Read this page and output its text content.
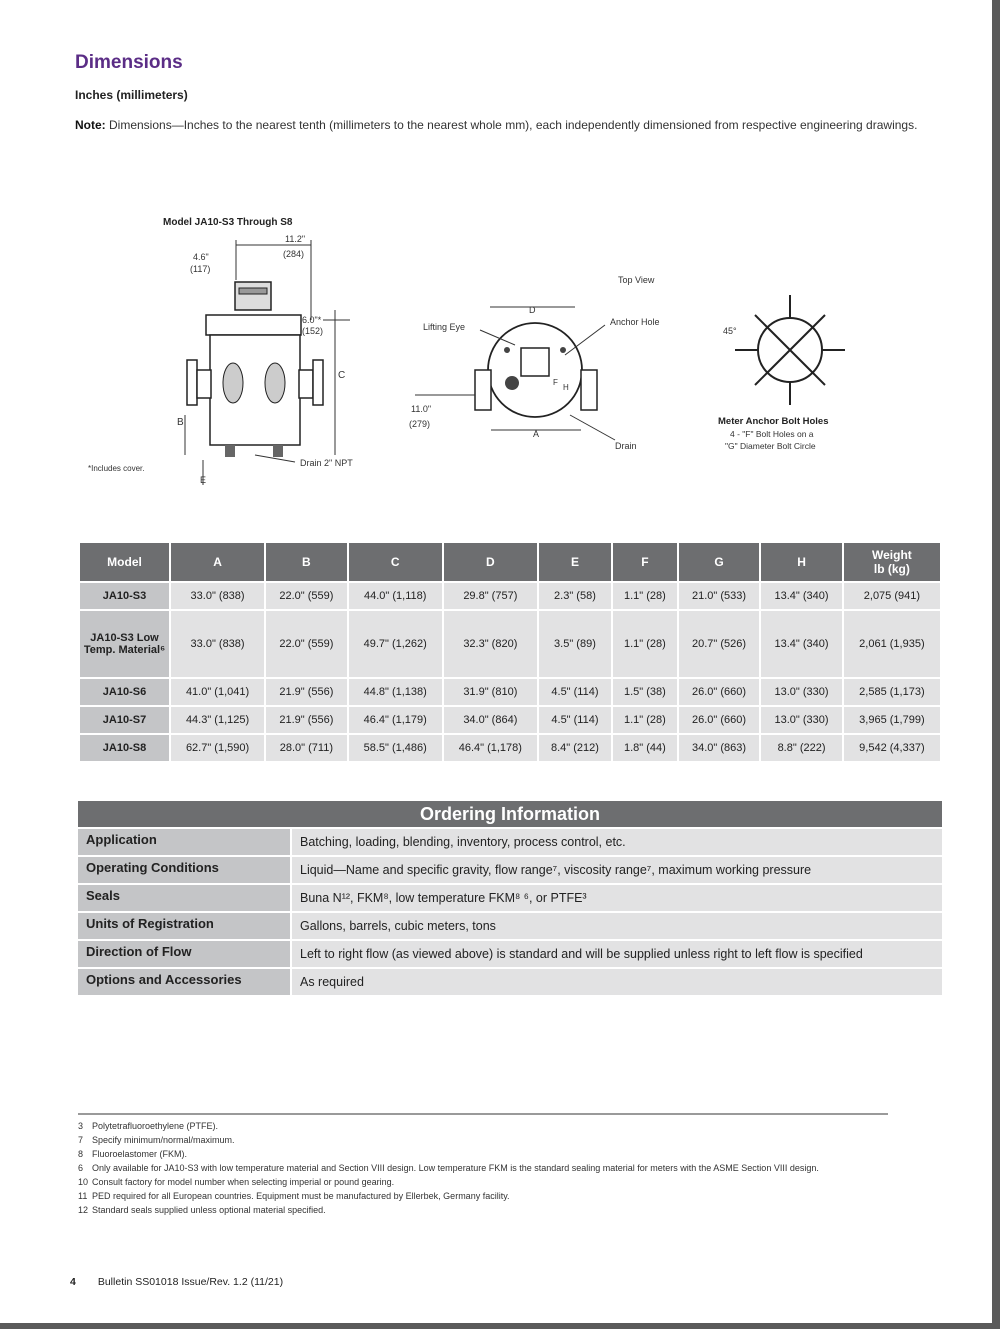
Dimensions
Inches (millimeters)
Note: Dimensions—Inches to the nearest tenth (millimeters to the nearest whole mm), each independently dimensioned from respective engineering drawings.
Model JA10-S3 Through S8
11.2"
(284)
4.6"
(117)
6.0"*
(152)
C
B
E
Drain 2" NPT
*Includes cover.
Top View
Lifting Eye	Anchor Hole
D
Drain
A
F
H
11.0"
(279)
45°
Meter Anchor Bolt Holes
4 - "F" Bolt Holes on a
"G" Diameter Bolt Circle
Model	A	B	C	D	E	F	G	H	Weight
lb (kg)
JA10-S3	33.0" (838)	22.0" (559)	44.0" (1,118)	29.8" (757)	2.3" (58)	1.1" (28)	21.0" (533)	13.4" (340)	2,075 (941)
JA10-S3 Low Temp. Material⁶	33.0" (838)	22.0" (559)	49.7" (1,262)	32.3" (820)	3.5" (89)	1.1" (28)	20.7" (526)	13.4" (340)	2,061 (1,935)
JA10-S6	41.0" (1,041)	21.9" (556)	44.8" (1,138)	31.9" (810)	4.5" (114)	1.5" (38)	26.0" (660)	13.0" (330)	2,585 (1,173)
JA10-S7	44.3" (1,125)	21.9" (556)	46.4" (1,179)	34.0" (864)	4.5" (114)	1.1" (28)	26.0" (660)	13.0" (330)	3,965 (1,799)
JA10-S8	62.7" (1,590)	28.0" (711)	58.5" (1,486)	46.4" (1,178)	8.4" (212)	1.8" (44)	34.0" (863)	8.8" (222)	9,542 (4,337)
Ordering Information
Application	Batching, loading, blending, inventory, process control, etc.
Operating Conditions	Liquid—Name and specific gravity, flow range⁷, viscosity range⁷, maximum working pressure
Seals	Buna N¹², FKM⁸, low temperature FKM⁸ ⁶, or PTFE³
Units of Registration	Gallons, barrels, cubic meters, tons
Direction of Flow	Left to right flow (as viewed above) is standard and will be supplied unless right to left flow is specified
Options and Accessories	As required
3 Polytetrafluoroethylene (PTFE).
7 Specify minimum/normal/maximum.
8 Fluoroelastomer (FKM).
6 Only available for JA10-S3 with low temperature material and Section VIII design. Low temperature FKM is the standard sealing material for meters with the ASME Section VIII design.
10 Consult factory for model number when selecting imperial or pound gearing.
11 PED required for all European countries. Equipment must be manufactured by Ellerbek, Germany facility.
12 Standard seals supplied unless optional material specified.
4 Bulletin SS01018 Issue/Rev. 1.2 (11/21)
